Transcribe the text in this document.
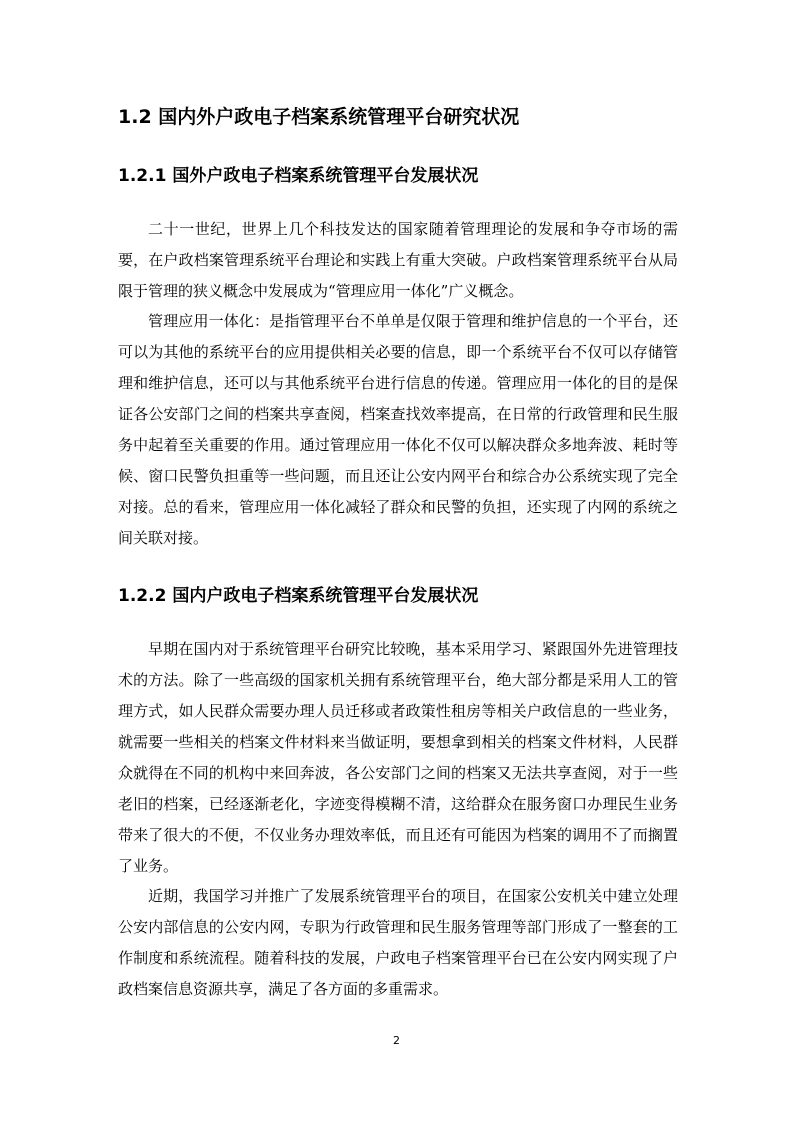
1.2 国内外户政电子档案系统管理平台研究状况
1.2.1 国外户政电子档案系统管理平台发展状况

二十一世纪，世界上几个科技发达的国家随着管理理论的发展和争夺市场的需要，在户政档案管理系统平台理论和实践上有重大突破。户政档案管理系统平台从局限于管理的狭义概念中发展成为“管理应用一体化”广义概念。

管理应用一体化：是指管理平台不单单是仅限于管理和维护信息的一个平台，还可以为其他的系统平台的应用提供相关必要的信息，即一个系统平台不仅可以存储管理和维护信息，还可以与其他系统平台进行信息的传递。管理应用一体化的目的是保证各公安部门之间的档案共享查阅，档案查找效率提高，在日常的行政管理和民生服务中起着至关重要的作用。通过管理应用一体化不仅可以解决群众多地奔波、耗时等候、窗口民警负担重等一些问题，而且还让公安内网平台和综合办公系统实现了完全对接。总的看来，管理应用一体化减轻了群众和民警的负担，还实现了内网的系统之间关联对接。

1.2.2 国内户政电子档案系统管理平台发展状况

早期在国内对于系统管理平台研究比较晚，基本采用学习、紧跟国外先进管理技术的方法。除了一些高级的国家机关拥有系统管理平台，绝大部分都是采用人工的管理方式，如人民群众需要办理人员迁移或者政策性租房等相关户政信息的一些业务，就需要一些相关的档案文件材料来当做证明，要想拿到相关的档案文件材料，人民群众就得在不同的机构中来回奔波，各公安部门之间的档案又无法共享查阅，对于一些老旧的档案，已经逐渐老化，字迹变得模糊不清，这给群众在服务窗口办理民生业务带来了很大的不便，不仅业务办理效率低，而且还有可能因为档案的调用不了而搁置了业务。

近期，我国学习并推广了发展系统管理平台的项目，在国家公安机关中建立处理公安内部信息的公安内网，专职为行政管理和民生服务管理等部门形成了一整套的工作制度和系统流程。随着科技的发展，户政电子档案管理平台已在公安内网实现了户政档案信息资源共享，满足了各方面的多重需求。

2
